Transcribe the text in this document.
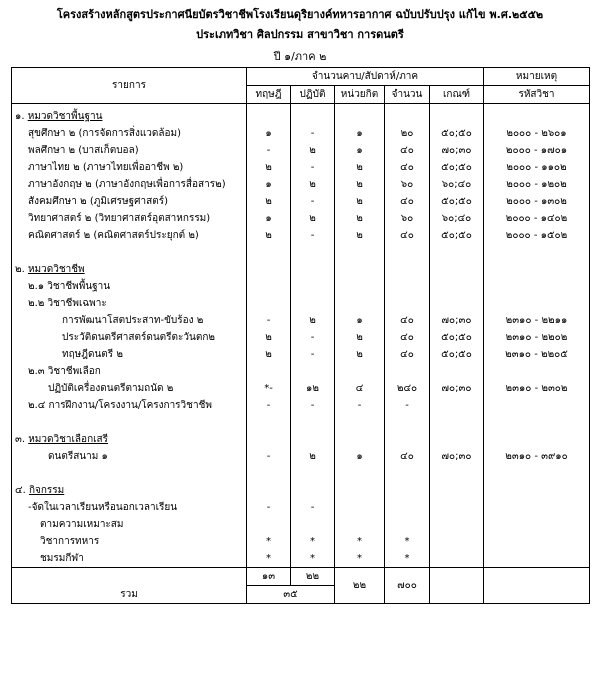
โครงสร้างหลักสูตรประกาศนียบัตรวิชาชีพโรงเรียนดุริยางค์ทหารอากาศ ฉบับปรับปรุง แก้ไข พ.ศ.๒๕๕๒
ประเภทวิชา ศิลปกรรม สาขาวิชา การดนตรี
ปี ๑/ภาค ๒
รายการ	จำนวนคาบ/สัปดาห์/ภาค					หมายเหตุ
	ทฤษฎี	ปฏิบัติ	หน่วยกิต	จำนวน	เกณฑ์	รหัสวิชา
๑. หมวดวิชาพื้นฐาน						
สุขศึกษา ๒ (การจัดการสิ่งแวดล้อม)	๑	-	๑	๒๐	๕๐;๕๐	๒๐๐๐ - ๒๖๐๑
พลศึกษา ๒ (บาสเก็ตบอล)	-	๒	๑	๔๐	๗๐;๓๐	๒๐๐๐ - ๑๗๐๑
ภาษาไทย ๒ (ภาษาไทยเพื่ออาชีพ ๒)	๒	-	๒	๔๐	๕๐;๕๐	๒๐๐๐ - ๑๑๐๒
ภาษาอังกฤษ ๒ (ภาษาอังกฤษเพื่อการสื่อสาร๒)	๑	๒	๒	๖๐	๖๐;๔๐	๒๐๐๐ - ๑๒๐๒
สังคมศึกษา ๒ (ภูมิเศรษฐศาสตร์)	๒	-	๒	๔๐	๕๐;๕๐	๒๐๐๐ - ๑๓๐๒
วิทยาศาสตร์ ๒ (วิทยาศาสตร์อุตสาหกรรม)	๑	๒	๒	๖๐	๖๐;๔๐	๒๐๐๐ - ๑๔๐๒
คณิตศาสตร์ ๒ (คณิตศาสตร์ประยุกต์ ๒)	๒	-	๒	๔๐	๕๐;๕๐	๒๐๐๐ - ๑๕๐๒

๒. หมวดวิชาชีพ						
๒.๑ วิชาชีพพื้นฐาน						
๒.๒ วิชาชีพเฉพาะ						
การพัฒนาโสตประสาท-ขับร้อง ๒	-	๒	๑	๔๐	๗๐;๓๐	๒๓๑๐ - ๒๒๑๑
ประวัติดนตรีศาสตร์ดนตรีตะวันตก๒	๒	-	๒	๔๐	๕๐;๕๐	๒๓๑๐ - ๒๒๐๒
ทฤษฎีดนตรี ๒	๒	-	๒	๔๐	๕๐;๕๐	๒๓๑๐ - ๒๒๐๕
๒.๓ วิชาชีพเลือก						
ปฏิบัติเครื่องดนตรีตามถนัด ๒	*-	๑๒	๔	๒๔๐	๗๐;๓๐	๒๓๑๐ - ๒๓๐๒
๒.๔ การฝึกงาน/โครงงาน/โครงการวิชาชีพ	-	-	-	-		

๓. หมวดวิชาเลือกเสรี						
ดนตรีสนาม ๑	-	๒	๑	๔๐	๗๐;๓๐	๒๓๑๐ - ๓๙๑๐

๔. กิจกรรม						
-จัดในเวลาเรียนหรือนอกเวลาเรียน	-	-				
ตามความเหมาะสม						
วิชาการทหาร	*	*	*	*		
ชมรมกีฬา	*	*	*	*		
รวม	๑๓	๒๒	๒๒	๗๐๐		
	๓๕					
